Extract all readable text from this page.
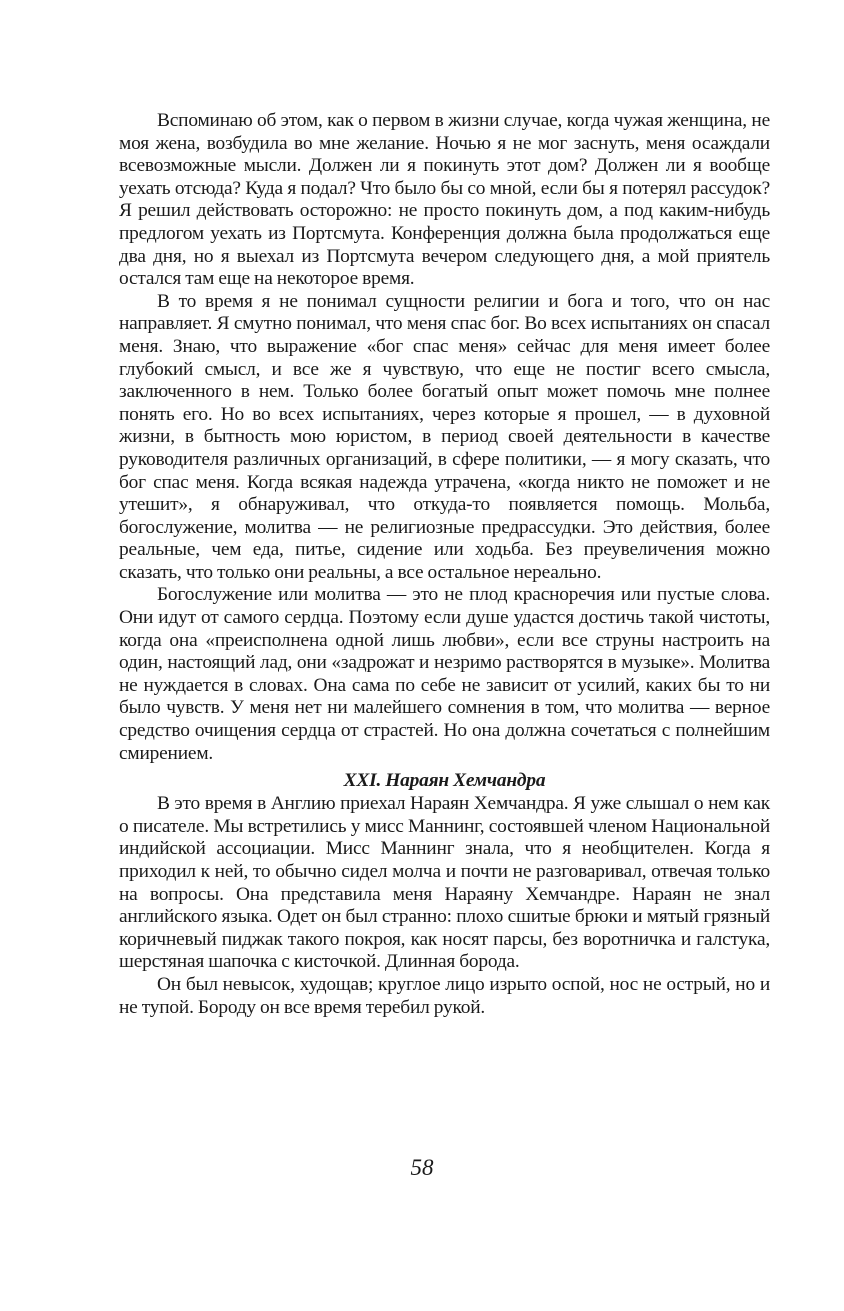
Вспоминаю об этом, как о первом в жизни случае, когда чужая женщина, не моя жена, возбудила во мне желание. Ночью я не мог заснуть, меня осаждали всевозможные мысли. Должен ли я покинуть этот дом? Должен ли я вообще уехать отсюда? Куда я подал? Что было бы со мной, если бы я потерял рассудок? Я решил действовать осторожно: не просто покинуть дом, а под каким-нибудь предлогом уехать из Портсмута. Конференция должна была продолжаться еще два дня, но я выехал из Портсмута вечером следующего дня, а мой приятель остался там еще на некоторое время.

В то время я не понимал сущности религии и бога и того, что он нас направляет. Я смутно понимал, что меня спас бог. Во всех испытаниях он спасал меня. Знаю, что выражение «бог спас меня» сейчас для меня имеет более глубокий смысл, и все же я чувствую, что еще не постиг всего смысла, заключенного в нем. Только более богатый опыт может помочь мне полнее понять его. Но во всех испытаниях, через которые я прошел, — в духовной жизни, в бытность мою юристом, в период своей деятельности в качестве руководителя различных организаций, в сфере политики, — я могу сказать, что бог спас меня. Когда всякая надежда утрачена, «когда никто не поможет и не утешит», я обнаруживал, что откуда-то появляется помощь. Мольба, богослужение, молитва — не религиозные предрассудки. Это действия, более реальные, чем еда, питье, сидение или ходьба. Без преувеличения можно сказать, что только они реальны, а все остальное нереально.

Богослужение или молитва — это не плод красноречия или пустые слова. Они идут от самого сердца. Поэтому если душе удастся достичь такой чистоты, когда она «преисполнена одной лишь любви», если все струны настроить на один, настоящий лад, они «задрожат и незримо растворятся в музыке». Молитва не нуждается в словах. Она сама по себе не зависит от усилий, каких бы то ни было чувств. У меня нет ни малейшего сомнения в том, что молитва — верное средство очищения сердца от страстей. Но она должна сочетаться с полнейшим смирением.

XXI. Нараян Хемчандра

В это время в Англию приехал Нараян Хемчандра. Я уже слышал о нем как о писателе. Мы встретились у мисс Маннинг, состоявшей членом Национальной индийской ассоциации. Мисс Маннинг знала, что я необщителен. Когда я приходил к ней, то обычно сидел молча и почти не разговаривал, отвечая только на вопросы. Она представила меня Нараяну Хемчандре. Нараян не знал английского языка. Одет он был странно: плохо сшитые брюки и мятый грязный коричневый пиджак такого покроя, как носят парсы, без воротничка и галстука, шерстяная шапочка с кисточкой. Длинная борода.

Он был невысок, худощав; круглое лицо изрыто оспой, нос не острый, но и не тупой. Бороду он все время теребил рукой.

58
